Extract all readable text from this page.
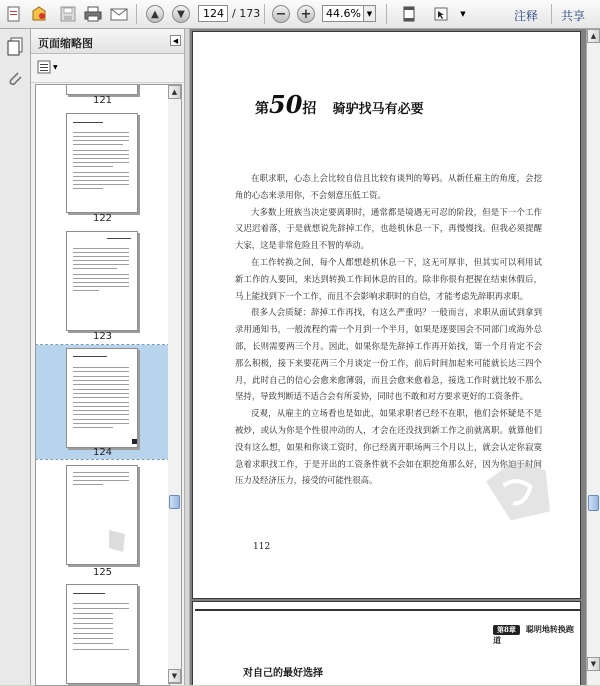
▲	▼	124 / 173 − +	44.6% ▼	▼	注释 共享
页面缩略图	◀
▼
121
122
123
124
125
▲
▼
第50招 骑驴找马有必要

在职求职，心态上会比较自信且比较有谈判的筹码。从新任雇主的角度，会挖角的心态来录用你，不会刻意压低工资。

大多数上班族当决定要离职时，通常都是境遇无可忍的阶段，但是下一个工作又迟迟着落，于是就想说先辞掉工作，也趁机休息一下，再慢慢找。但我必须提醒大家，这是非常危险且不智的举动。

在工作转换之间，每个人都想趁机休息一下，这无可厚非，但其实可以利用试新工作的人要回，来达到转换工作间休息的目的。除非你很有把握在结束休假后，马上能找到下一个工作，而且不会影响求职时的自信，才能考虑先辞职再求职。

很多人会质疑：辞掉工作再找，有这么严重吗？一般而言，求职从面试到拿到录用通知书，一般流程约需一个月到一个半月，如果是逐要国会不同部门或海外总部，长则需要两三个月。因此，如果你是先辞掉工作再开始找，第一个月肯定不会那么积极，接下来要花两三个月谈定一份工作，前后时间加起来可能就长达三四个月，此时自己的信心会愈来愈薄弱，而且会愈来愈着急，接选工作时就比较不那么坚持，导致判断适不适合会有所妥协，同时也不敢和对方要求更好的工资条件。

反观，从雇主的立场看也是如此，如果求职者已经不在职，他们会怀疑是不是被炒，或认为你是个性很冲动的人，才会在还没找到新工作之前就离职。就算他们没有这么想，如果和你谈工资时，你已经离开职场两三个月以上，就会认定你寂寞急着求职找工作，于是开出的工资条件就不会如在职挖角那么好，因为你迫于时间压力及经济压力，接受的可能性很高。

112
第8章 聪明地转换跑道
对自己的最好选择
▲
▼
